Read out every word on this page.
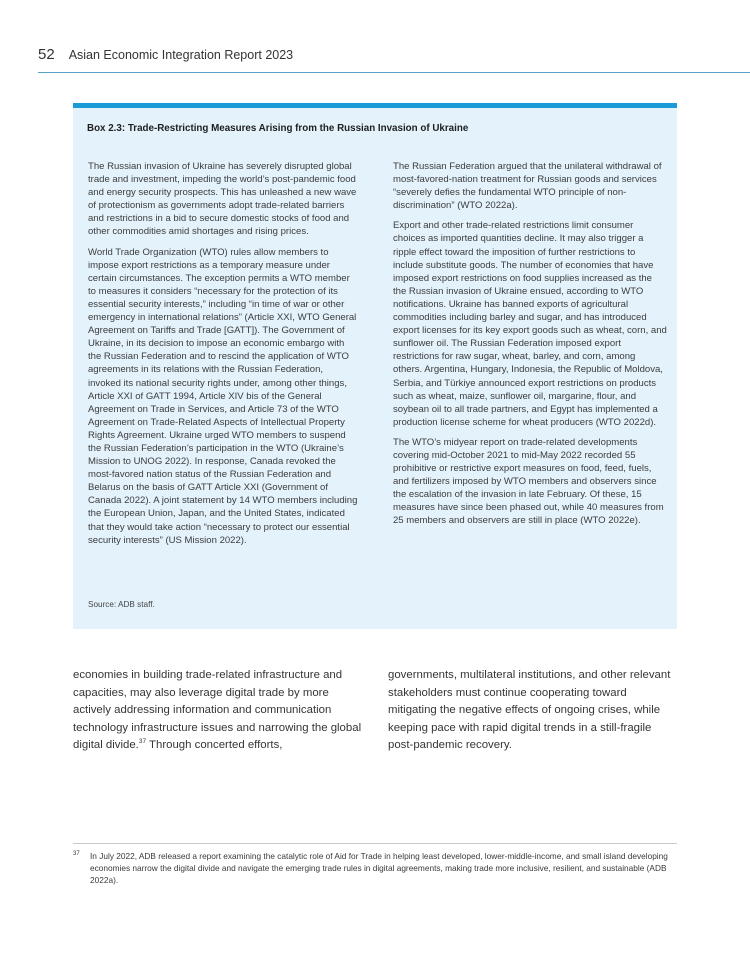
52 Asian Economic Integration Report 2023
Box 2.3: Trade-Restricting Measures Arising from the Russian Invasion of Ukraine

The Russian invasion of Ukraine has severely disrupted global trade and investment, impeding the world’s post-pandemic food and energy security prospects. This has unleashed a new wave of protectionism as governments adopt trade-related barriers and restrictions in a bid to secure domestic stocks of food and other commodities amid shortages and rising prices.

World Trade Organization (WTO) rules allow members to impose export restrictions as a temporary measure under certain circumstances. The exception permits a WTO member to measures it considers “necessary for the protection of its essential security interests,” including “in time of war or other emergency in international relations” (Article XXI, WTO General Agreement on Tariffs and Trade [GATT]). The Government of Ukraine, in its decision to impose an economic embargo with the Russian Federation and to rescind the application of WTO agreements in its relations with the Russian Federation, invoked its national security rights under, among other things, Article XXI of GATT 1994, Article XIV bis of the General Agreement on Trade in Services, and Article 73 of the WTO Agreement on Trade-Related Aspects of Intellectual Property Rights Agreement. Ukraine urged WTO members to suspend the Russian Federation’s participation in the WTO (Ukraine’s Mission to UNOG 2022). In response, Canada revoked the most-favored nation status of the Russian Federation and Belarus on the basis of GATT Article XXI (Government of Canada 2022). A joint statement by 14 WTO members including the European Union, Japan, and the United States, indicated that they would take action “necessary to protect our essential security interests” (US Mission 2022).

The Russian Federation argued that the unilateral withdrawal of most-favored-nation treatment for Russian goods and services “severely defies the fundamental WTO principle of non-discrimination” (WTO 2022a).

Export and other trade-related restrictions limit consumer choices as imported quantities decline. It may also trigger a ripple effect toward the imposition of further restrictions to include substitute goods. The number of economies that have imposed export restrictions on food supplies increased as the the Russian invasion of Ukraine ensued, according to WTO notifications. Ukraine has banned exports of agricultural commodities including barley and sugar, and has introduced export licenses for its key export goods such as wheat, corn, and sunflower oil. The Russian Federation imposed export restrictions for raw sugar, wheat, barley, and corn, among others. Argentina, Hungary, Indonesia, the Republic of Moldova, Serbia, and Türkiye announced export restrictions on products such as wheat, maize, sunflower oil, margarine, flour, and soybean oil to all trade partners, and Egypt has implemented a production license scheme for wheat producers (WTO 2022d).

The WTO’s midyear report on trade-related developments covering mid-October 2021 to mid-May 2022 recorded 55 prohibitive or restrictive export measures on food, feed, fuels, and fertilizers imposed by WTO members and observers since the escalation of the invasion in late February. Of these, 15 measures have since been phased out, while 40 measures from 25 members and observers are still in place (WTO 2022e).

Source: ADB staff.

economies in building trade-related infrastructure and capacities, may also leverage digital trade by more actively addressing information and communication technology infrastructure issues and narrowing the global digital divide.$^{37}$ Through concerted efforts,

governments, multilateral institutions, and other relevant stakeholders must continue cooperating toward mitigating the negative effects of ongoing crises, while keeping pace with rapid digital trends in a still-fragile post-pandemic recovery.

37 In July 2022, ADB released a report examining the catalytic role of Aid for Trade in helping least developed, lower-middle-income, and small island developing economies narrow the digital divide and navigate the emerging trade rules in digital agreements, making trade more inclusive, resilient, and sustainable (ADB 2022a).
